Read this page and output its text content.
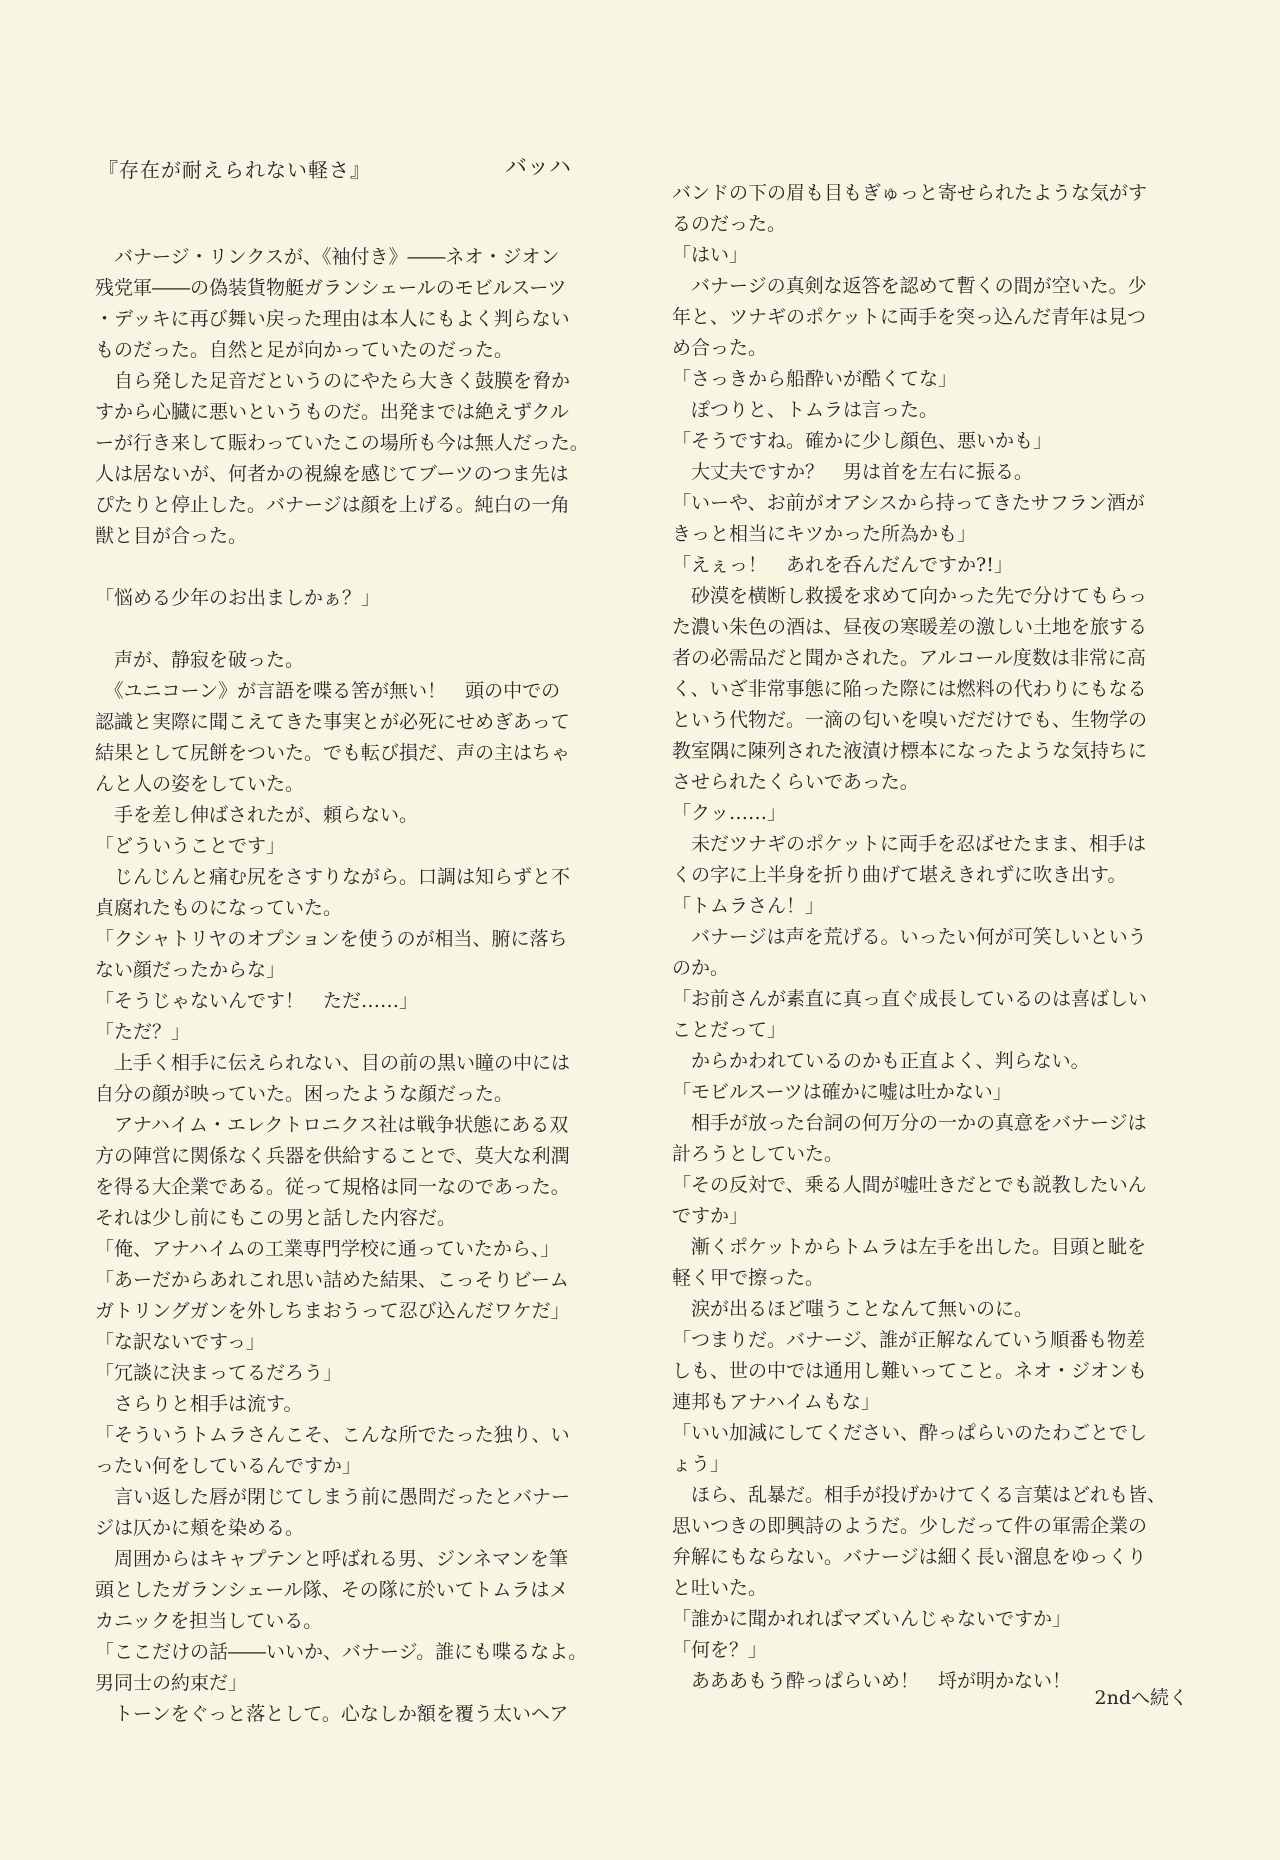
『存在が耐えられない軽さ』	バッハ
　バナージ・リンクスが、《袖付き》――ネオ・ジオン
残党軍――の偽装貨物艇ガランシェールのモビルスーツ
・デッキに再び舞い戻った理由は本人にもよく判らない
ものだった。自然と足が向かっていたのだった。
　自ら発した足音だというのにやたら大きく鼓膜を脅か
すから心臓に悪いというものだ。出発までは絶えずクル
ーが行き来して賑わっていたこの場所も今は無人だった。
人は居ないが、何者かの視線を感じてブーツのつま先は
ぴたりと停止した。バナージは顔を上げる。純白の一角
獣と目が合った。
「悩める少年のお出ましかぁ？」
　声が、静寂を破った。
　《ユニコーン》が言語を喋る筈が無い！　頭の中での
認識と実際に聞こえてきた事実とが必死にせめぎあって
結果として尻餅をついた。でも転び損だ、声の主はちゃ
んと人の姿をしていた。
　手を差し伸ばされたが、頼らない。
「どういうことです」
　じんじんと痛む尻をさすりながら。口調は知らずと不
貞腐れたものになっていた。
「クシャトリヤのオプションを使うのが相当、腑に落ち
ない顔だったからな」
「そうじゃないんです！　ただ……」
「ただ？」
　上手く相手に伝えられない、目の前の黒い瞳の中には
自分の顔が映っていた。困ったような顔だった。
　アナハイム・エレクトロニクス社は戦争状態にある双
方の陣営に関係なく兵器を供給することで、莫大な利潤
を得る大企業である。従って規格は同一なのであった。
それは少し前にもこの男と話した内容だ。
「俺、アナハイムの工業専門学校に通っていたから、」
「あーだからあれこれ思い詰めた結果、こっそりビーム
ガトリングガンを外しちまおうって忍び込んだワケだ」
「な訳ないですっ」
「冗談に決まってるだろう」
　さらりと相手は流す。
「そういうトムラさんこそ、こんな所でたった独り、い
ったい何をしているんですか」
　言い返した唇が閉じてしまう前に愚問だったとバナー
ジは仄かに頬を染める。
　周囲からはキャプテンと呼ばれる男、ジンネマンを筆
頭としたガランシェール隊、その隊に於いてトムラはメ
カニックを担当している。
「ここだけの話――いいか、バナージ。誰にも喋るなよ。
男同士の約束だ」
　トーンをぐっと落として。心なしか額を覆う太いヘア
バンドの下の眉も目もぎゅっと寄せられたような気がす
るのだった。
「はい」
　バナージの真剣な返答を認めて暫くの間が空いた。少
年と、ツナギのポケットに両手を突っ込んだ青年は見つ
め合った。
「さっきから船酔いが酷くてな」
　ぽつりと、トムラは言った。
「そうですね。確かに少し顔色、悪いかも」
　大丈夫ですか？　男は首を左右に振る。
「いーや、お前がオアシスから持ってきたサフラン酒が
きっと相当にキツかった所為かも」
「えぇっ！　あれを呑んだんですか?!」
　砂漠を横断し救援を求めて向かった先で分けてもらっ
た濃い朱色の酒は、昼夜の寒暖差の激しい土地を旅する
者の必需品だと聞かされた。アルコール度数は非常に高
く、いざ非常事態に陥った際には燃料の代わりにもなる
という代物だ。一滴の匂いを嗅いだだけでも、生物学の
教室隅に陳列された液漬け標本になったような気持ちに
させられたくらいであった。
「クッ……」
　未だツナギのポケットに両手を忍ばせたまま、相手は
くの字に上半身を折り曲げて堪えきれずに吹き出す。
「トムラさん！」
　バナージは声を荒げる。いったい何が可笑しいという
のか。
「お前さんが素直に真っ直ぐ成長しているのは喜ばしい
ことだって」
　からかわれているのかも正直よく、判らない。
「モビルスーツは確かに嘘は吐かない」
　相手が放った台詞の何万分の一かの真意をバナージは
計ろうとしていた。
「その反対で、乗る人間が嘘吐きだとでも説教したいん
ですか」
　漸くポケットからトムラは左手を出した。目頭と眦を
軽く甲で擦った。
　涙が出るほど嗤うことなんて無いのに。
「つまりだ。バナージ、誰が正解なんていう順番も物差
しも、世の中では通用し難いってこと。ネオ・ジオンも
連邦もアナハイムもな」
「いい加減にしてください、酔っぱらいのたわごとでし
ょう」
　ほら、乱暴だ。相手が投げかけてくる言葉はどれも皆、
思いつきの即興詩のようだ。少しだって件の軍需企業の
弁解にもならない。バナージは細く長い溜息をゆっくり
と吐いた。
「誰かに聞かれればマズいんじゃないですか」
「何を？」
　あああもう酔っぱらいめ！　埒が明かない！
2ndへ続く
